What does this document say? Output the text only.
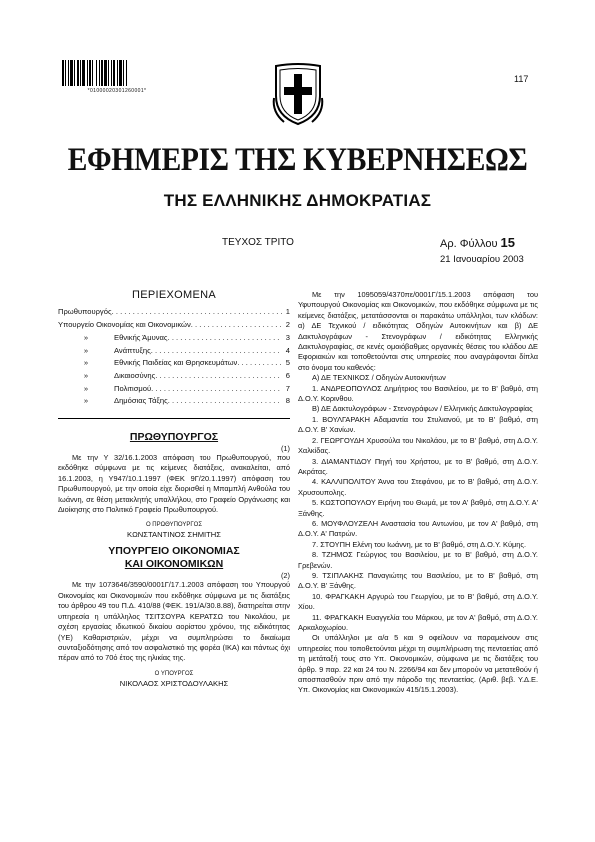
*01000020301260001*
117
ΕΦΗΜΕΡΙΣ ΤΗΣ ΚΥΒΕΡΝΗΣΕΩΣ
ΤΗΣ ΕΛΛΗΝΙΚΗΣ ΔΗΜΟΚΡΑΤΙΑΣ
ΤΕΥΧΟΣ ΤΡΙΤΟ	Αρ. Φύλλου 15
21 Ιανουαρίου 2003
ΠΕΡΙΕΧΟΜΕΝΑ
Πρωθυπουργός . . .	1
Υπουργείο Οικονομίας και Οικονομικών . . .	2
»	Εθνικής Άμυνας . . .	3
»	Ανάπτυξης . . .	4
»	Εθνικής Παιδείας και Θρησκευμάτων . . .	5
»	Δικαιοσύνης . . .	6
»	Πολιτισμού . . .	7
»	Δημόσιας Τάξης . . .	8
ΠΡΩΘΥΠΟΥΡΓΟΣ
(1)

Με την Υ 32/16.1.2003 απόφαση του Πρωθυπουργού, που εκδόθηκε σύμφωνα με τις κείμενες διατάξεις, ανακαλείται, από 16.1.2003, η Υ947/10.1.1997 (ΦΕΚ 9Γ/20.1.1997) απόφαση του Πρωθυπουργού, με την οποία είχε διορισθεί η Μπαμπλή Ανθούλα του Ιωάννη, σε θέση μετακλητής υπαλλήλου, στο Γραφείο Οργάνωσης και Διοίκησης στο Πολιτικό Γραφείο Πρωθυπουργού.

Ο ΠΡΩΘΥΠΟΥΡΓΟΣ
ΚΩΝΣΤΑΝΤΙΝΟΣ ΣΗΜΙΤΗΣ
ΥΠΟΥΡΓΕΙΟ ΟΙΚΟΝΟΜΙΑΣ
ΚΑΙ ΟΙΚΟΝΟΜΙΚΩΝ
(2)

Με την 1073646/3590/0001Γ/17.1.2003 απόφαση του Υπουργού Οικονομίας και Οικονομικών που εκδόθηκε σύμφωνα με τις διατάξεις του άρθρου 49 του Π.Δ. 410/88 (ΦΕΚ. 191/Α/30.8.88), διατηρείται στην υπηρεσία η υπάλληλος ΤΣΙΤΣΟΥΡΑ ΚΕΡΑΤΣΩ του Νικολάου, με σχέση εργασίας ιδιωτικού δικαίου αορίστου χρόνου, της ειδικότητας (ΥΕ) Καθαριστριών, μέχρι να συμπληρώσει το δικαίωμα συνταξιοδότησης από τον ασφαλιστικό της φορέα (ΙΚΑ) και πάντως όχι πέραν από το 70ό έτος της ηλικίας της.

Ο ΥΠΟΥΡΓΟΣ
ΝΙΚΟΛΑΟΣ ΧΡΙΣΤΟΔΟΥΛΑΚΗΣ

Με την 1095059/4370πε/0001Γ/15.1.2003 απόφαση του Υφυπουργού Οικονομίας και Οικονομικών, που εκδόθηκε σύμφωνα με τις κείμενες διατάξεις, μετατάσσονται οι παρακάτω υπάλληλοι, των κλάδων: α) ΔΕ Τεχνικού / ειδικότητας Οδηγών Αυτοκινήτων και β) ΔΕ Δακτυλογράφων - Στενογράφων / ειδικότητας Ελληνικής Δακτυλογραφίας, σε κενές ομοιόβαθμες οργανικές θέσεις του κλάδου ΔΕ Εφοριακών και τοποθετούνται στις υπηρεσίες που αναγράφονται δίπλα στο όνομα του καθενός:

Α) ΔΕ ΤΕΧΝΙΚΟΣ / Οδηγών Αυτοκινήτων

1. ΑΝΔΡΕΟΠΟΥΛΟΣ Δημήτριος του Βασιλείου, με το Β' βαθμό, στη Δ.Ο.Υ. Κορινθου.

Β) ΔΕ Δακτυλογράφων - Στενογράφων / Ελληνικής Δακτυλογραφίας

1. ΒΟΥΛΓΑΡΑΚΗ Αδαμαντία του Στυλιανού, με το Β' βαθμό, στη Δ.Ο.Υ. Β' Χανίων.

2. ΓΕΩΡΓΟΥΔΗ Χρυσούλα του Νικολάου, με το Β' βαθμό, στη Δ.Ο.Υ. Χαλκίδας.

3. ΔΙΑΜΑΝΤΙΔΟΥ Πηγή του Χρήστου, με το Β' βαθμό, στη Δ.Ο.Υ. Ακράτας.

4. ΚΑΛΛΙΠΟΛΙΤΟΥ Άννα του Στεφάνου, με το Β' βαθμό, στη Δ.Ο.Υ. Χρυσουπολης.

5. ΚΩΣΤΟΠΟΥΛΟΥ Ειρήνη του Θωμά, με τον Α' βαθμό, στη Δ.Ο.Υ. Α' Ξάνθης.

6. ΜΟΥΦΛΟΥΖΕΛΗ Αναστασία του Αντωνίου, με τον Α' βαθμό, στη Δ.Ο.Υ. Α' Πατρών.

7. ΣΤΟΥΠΗ Ελένη του Ιωάννη, με το Β' βαθμό, στη Δ.Ο.Υ. Κύμης.

8. ΤΖΗΜΟΣ Γεώργιος του Βασιλείου, με το Β' βαθμό, στη Δ.Ο.Υ. Γρεβενών.

9. ΤΣΙΠΛΑΚΗΣ Παναγιώτης του Βασιλείου, με το Β' βαθμό, στη Δ.Ο.Υ. Β' Ξάνθης.

10. ΦΡΑΓΚΑΚΗ Αργυρώ του Γεωργίου, με το Β' βαθμό, στη Δ.Ο.Υ. Χίου.

11. ΦΡΑΓΚΑΚΗ Ευαγγελία του Μάρκου, με τον Α' βαθμό, στη Δ.Ο.Υ. Αρκαλοχωρίου.

Οι υπάλληλοι με α/α 5 και 9 οφείλουν να παραμείνουν στις υπηρεσίες που τοποθετούνται μέχρι τη συμπλήρωση της πενταετίας από τη μετάταξή τους στο Υπ. Οικονομικών, σύμφωνα με τις διατάξεις του άρθρ. 9 παρ. 22 και 24 του Ν. 2266/94 και δεν μπορούν να μετατεθούν ή αποσπασθούν πριν από την πάροδο της πενταετίας. (Αριθ. βεβ. Υ.Δ.Ε. Υπ. Οικονομίας και Οικονομικών 415/15.1.2003).
